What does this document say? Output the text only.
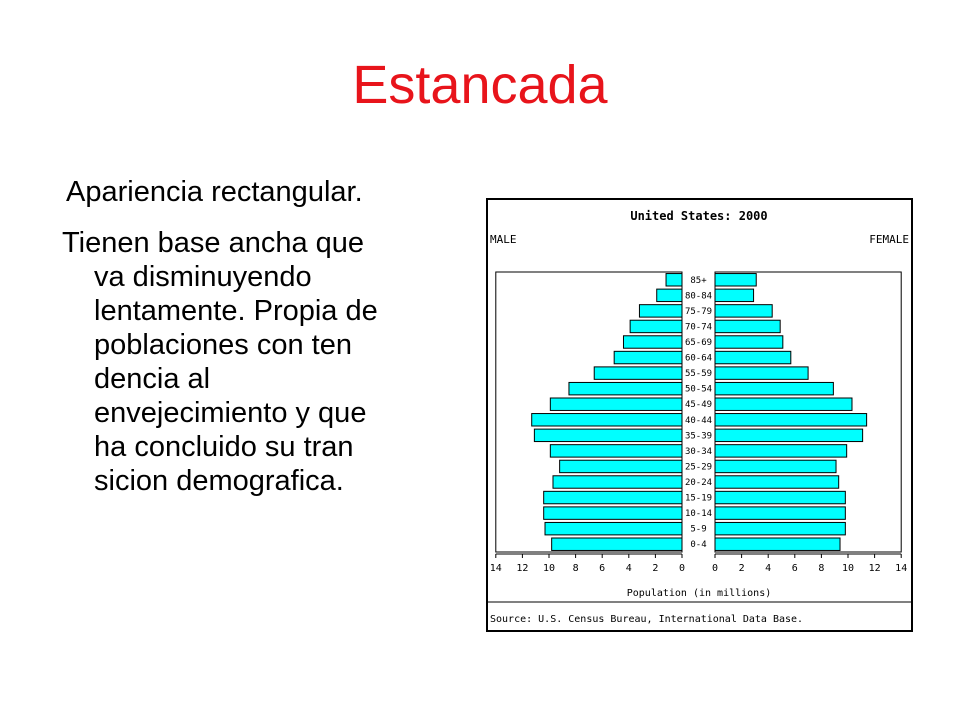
Estancada
Apariencia rectangular.
Tienen base ancha que
va disminuyendo
lentamente. Propia de
poblaciones con ten
dencia al
envejecimiento y que
ha concluido su tran
sicion demografica.
United States: 2000
MALE	FEMALE
0-4
5-9
10-14
15-19
20-24
25-29
30-34
35-39
40-44
45-49
50-54
55-59
60-64
65-69
70-74
75-79
80-84
85+
0	0
2	2
4	4
6	6
8	8
10	10
12	12
14	14
Population (in millions)
Source: U.S. Census Bureau, International Data Base.
